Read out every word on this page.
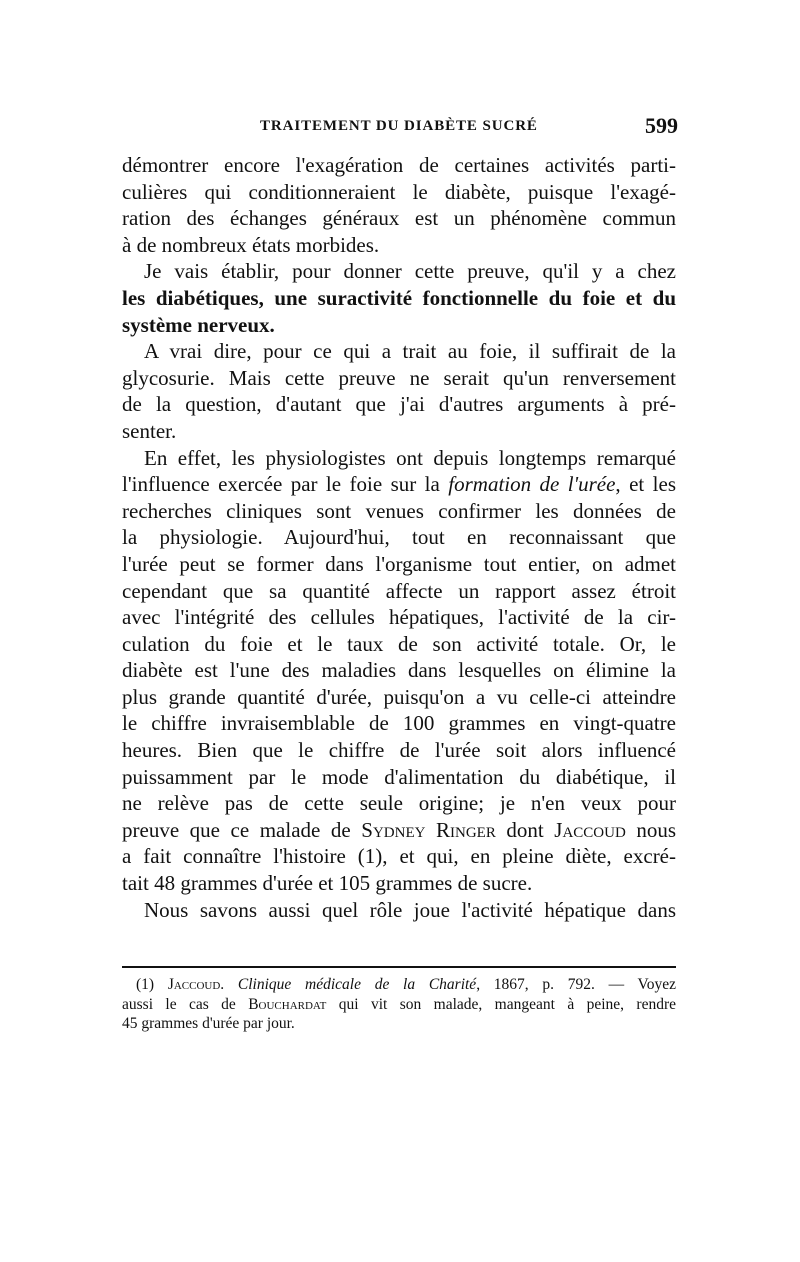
TRAITEMENT DU DIABÈTE SUCRÉ	599
démontrer encore l'exagération de certaines activités parti-
culières qui conditionneraient le diabète, puisque l'exagé-
ration des échanges généraux est un phénomène commun
à de nombreux états morbides.
Je vais établir, pour donner cette preuve, qu'il y a chez
les diabétiques, une suractivité fonctionnelle du foie et du
système nerveux.
A vrai dire, pour ce qui a trait au foie, il suffirait de la
glycosurie. Mais cette preuve ne serait qu'un renversement
de la question, d'autant que j'ai d'autres arguments à pré-
senter.
En effet, les physiologistes ont depuis longtemps remarqué
l'influence exercée par le foie sur la formation de l'urée, et les
recherches cliniques sont venues confirmer les données de
la physiologie. Aujourd'hui, tout en reconnaissant que
l'urée peut se former dans l'organisme tout entier, on admet
cependant que sa quantité affecte un rapport assez étroit
avec l'intégrité des cellules hépatiques, l'activité de la cir-
culation du foie et le taux de son activité totale. Or, le
diabète est l'une des maladies dans lesquelles on élimine la
plus grande quantité d'urée, puisqu'on a vu celle-ci atteindre
le chiffre invraisemblable de 100 grammes en vingt-quatre
heures. Bien que le chiffre de l'urée soit alors influencé
puissamment par le mode d'alimentation du diabétique, il
ne relève pas de cette seule origine; je n'en veux pour
preuve que ce malade de Sydney Ringer dont Jaccoud nous
a fait connaître l'histoire (1), et qui, en pleine diète, excré-
tait 48 grammes d'urée et 105 grammes de sucre.
Nous savons aussi quel rôle joue l'activité hépatique dans
(1) Jaccoud. Clinique médicale de la Charité, 1867, p. 792. — Voyez
aussi le cas de Bouchardat qui vit son malade, mangeant à peine, rendre
45 grammes d'urée par jour.
